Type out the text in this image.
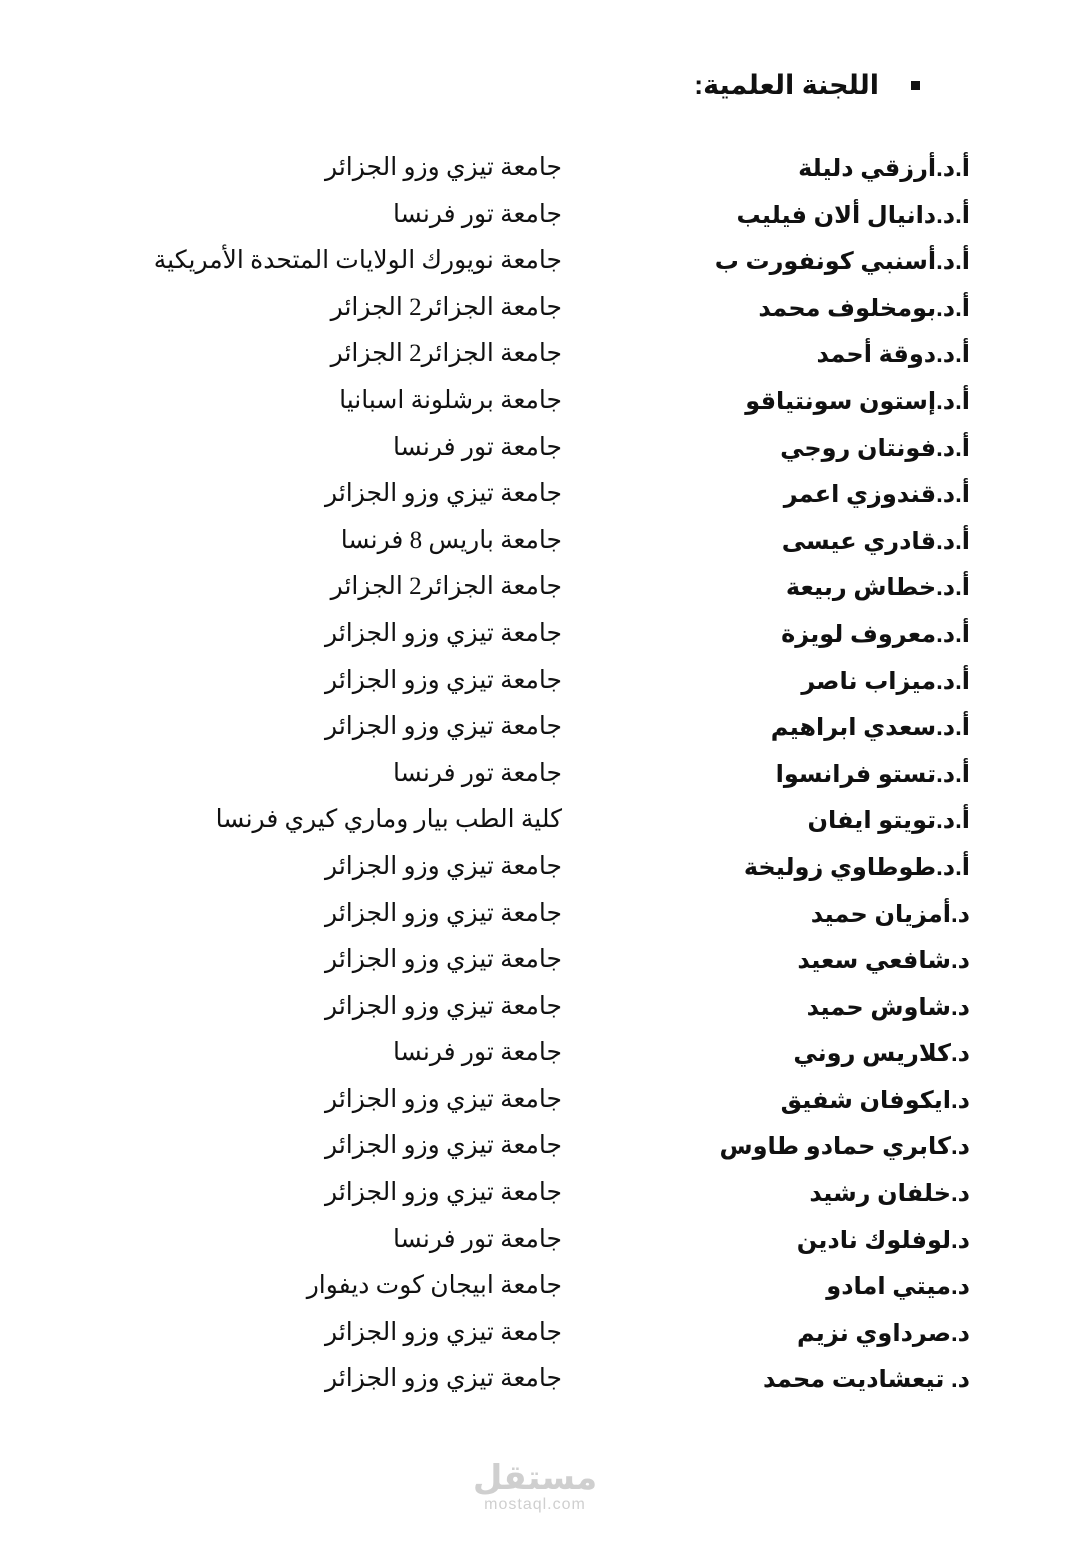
اللجنة العلمية:
أ.د.أرزقي دليلة
جامعة تيزي وزو الجزائر
أ.د.دانيال ألان فيليب
جامعة تور فرنسا
أ.د.أسنبي كونفورت ب
جامعة نويورك الولايات المتحدة الأمريكية
أ.د.بومخلوف محمد
جامعة الجزائر2 الجزائر
أ.د.دوقة أحمد
جامعة الجزائر2 الجزائر
أ.د.إستون سونتياقو
جامعة برشلونة اسبانيا
أ.د.فونتان روجي
جامعة تور فرنسا
أ.د.قندوزي اعمر
جامعة تيزي وزو الجزائر
أ.د.قادري عيسى
جامعة باريس 8 فرنسا
أ.د.خطاش ربيعة
جامعة الجزائر2 الجزائر
أ.د.معروف لويزة
جامعة تيزي وزو الجزائر
أ.د.ميزاب ناصر
جامعة تيزي وزو الجزائر
أ.د.سعدي ابراهيم
جامعة تيزي وزو الجزائر
أ.د.تستو فرانسوا
جامعة تور فرنسا
أ.د.تويتو ايفان
كلية الطب بيار وماري كيري فرنسا
أ.د.طوطاوي زوليخة
جامعة تيزي وزو الجزائر
د.أمزيان حميد
جامعة تيزي وزو الجزائر
د.شافعي سعيد
جامعة تيزي وزو الجزائر
د.شاوش حميد
جامعة تيزي وزو الجزائر
د.كلاريس روني
جامعة تور فرنسا
د.ايكوفان شفيق
جامعة تيزي وزو الجزائر
د.كابري حمادو طاوس
جامعة تيزي وزو الجزائر
د.خلفان رشيد
جامعة تيزي وزو الجزائر
د.لوفلوك نادين
جامعة تور فرنسا
د.ميتي امادو
جامعة ابيجان كوت ديفوار
د.صرداوي نزيم
جامعة تيزي وزو الجزائر
د. تيعشاديت محمد
جامعة تيزي وزو الجزائر
مستقل
mostaql.com
